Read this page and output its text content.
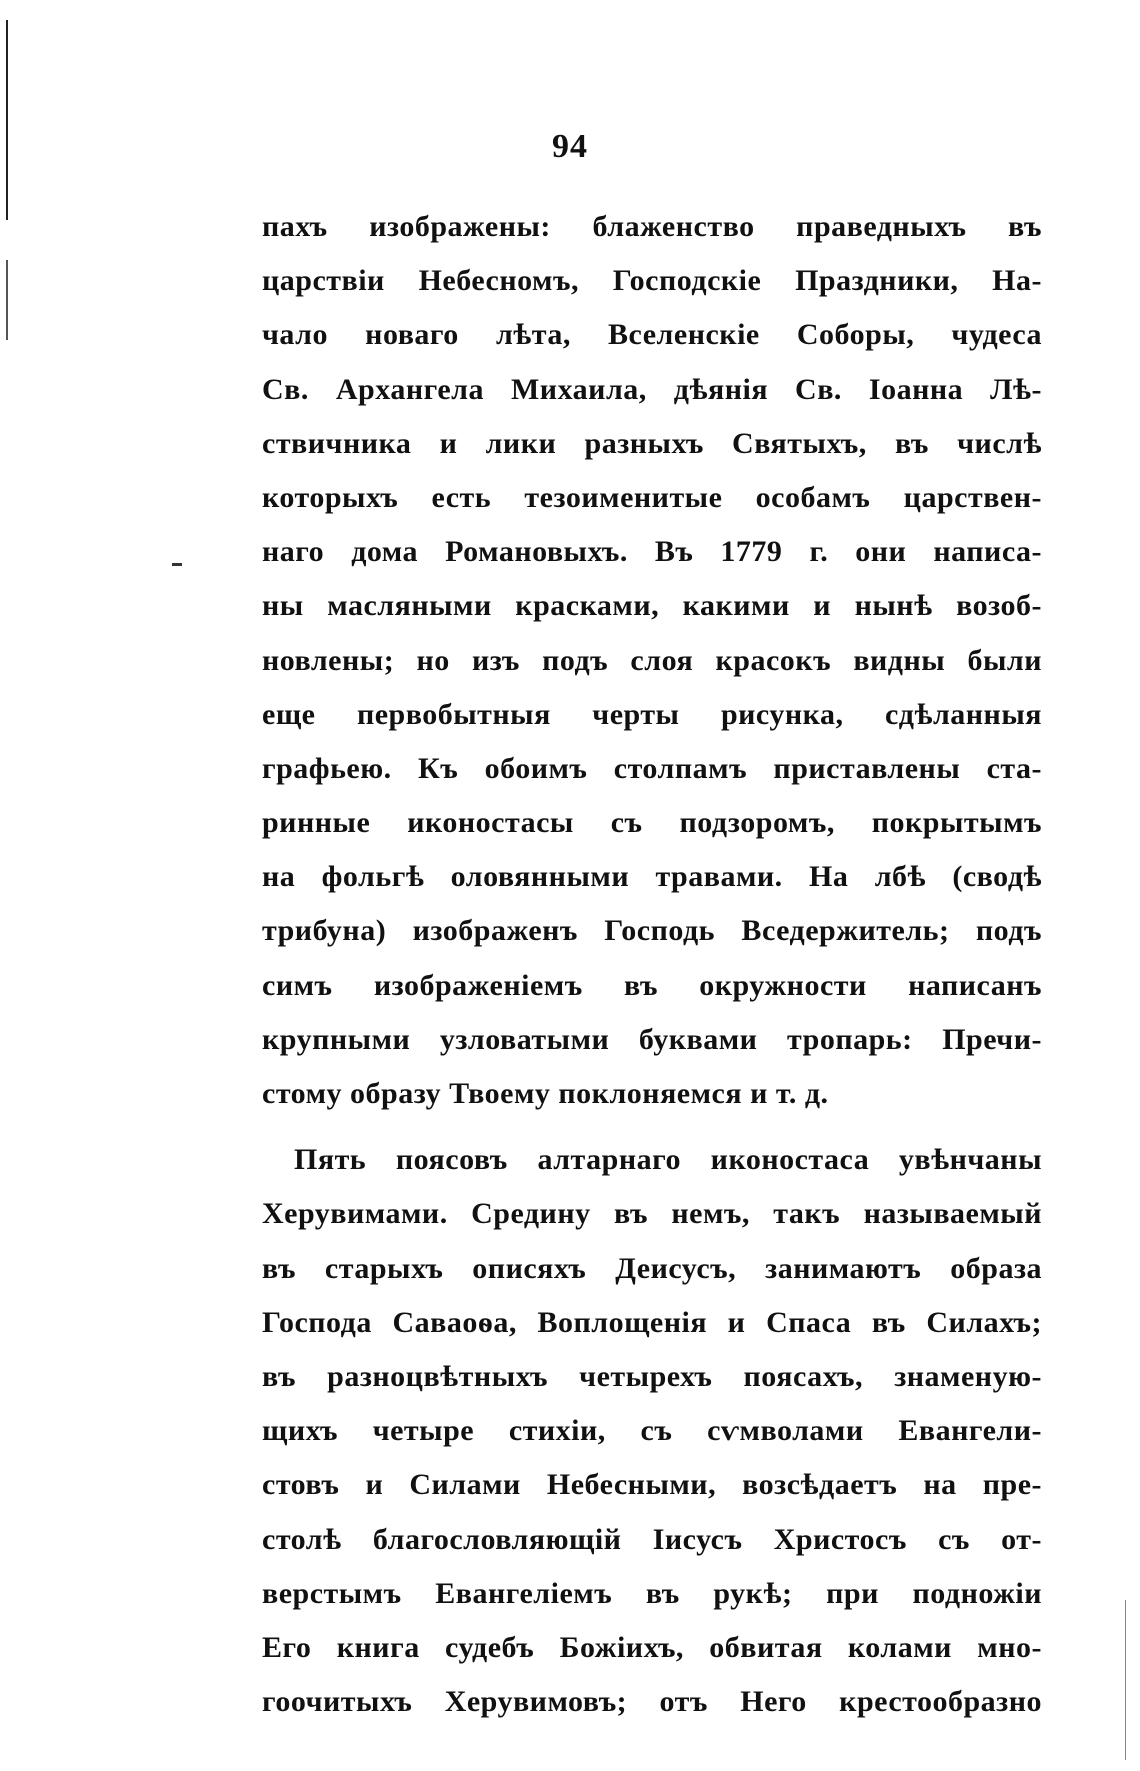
94
пахъ изображены: блаженство праведныхъ въ
царствіи Небесномъ, Господскіе Праздники, На-
чало новаго лѣта, Вселенскіе Соборы, чудеса
Св. Архангела Михаила, дѣянія Св. Іоанна Лѣ-
ствичника и лики разныхъ Святыхъ, въ числѣ
которыхъ есть тезоименитые особамъ царствен-
наго дома Романовыхъ. Въ 1779 г. они написа-
ны масляными красками, какими и нынѣ возоб-
новлены; но изъ подъ слоя красокъ видны были
еще первобытныя черты рисунка, сдѣланныя
графьею. Къ обоимъ столпамъ приставлены ста-
ринные иконостасы съ подзоромъ, покрытымъ
на фольгѣ оловянными травами. На лбѣ (сводѣ
трибуна) изображенъ Господь Вседержитель; подъ
симъ изображеніемъ въ окружности написанъ
крупными узловатыми буквами тропарь: Пречи-
стому образу Твоему поклоняемся и т. д.
Пять поясовъ алтарнаго иконостаса увѣнчаны
Херувимами. Средину въ немъ, такъ называемый
въ старыхъ описяхъ Деисусъ, занимаютъ образа
Господа Саваоѳа, Воплощенія и Спаса въ Силахъ;
въ разноцвѣтныхъ четырехъ поясахъ, знаменую-
щихъ четыре стихіи, съ сѵмволами Евангели-
стовъ и Силами Небесными, возсѣдаетъ на пре-
столѣ благословляющій Іисусъ Христосъ съ от-
верстымъ Евангеліемъ въ рукѣ; при подножіи
Его книга судебъ Божіихъ, обвитая колами мно-
гоочитыхъ Херувимовъ; отъ Него крестообразно
